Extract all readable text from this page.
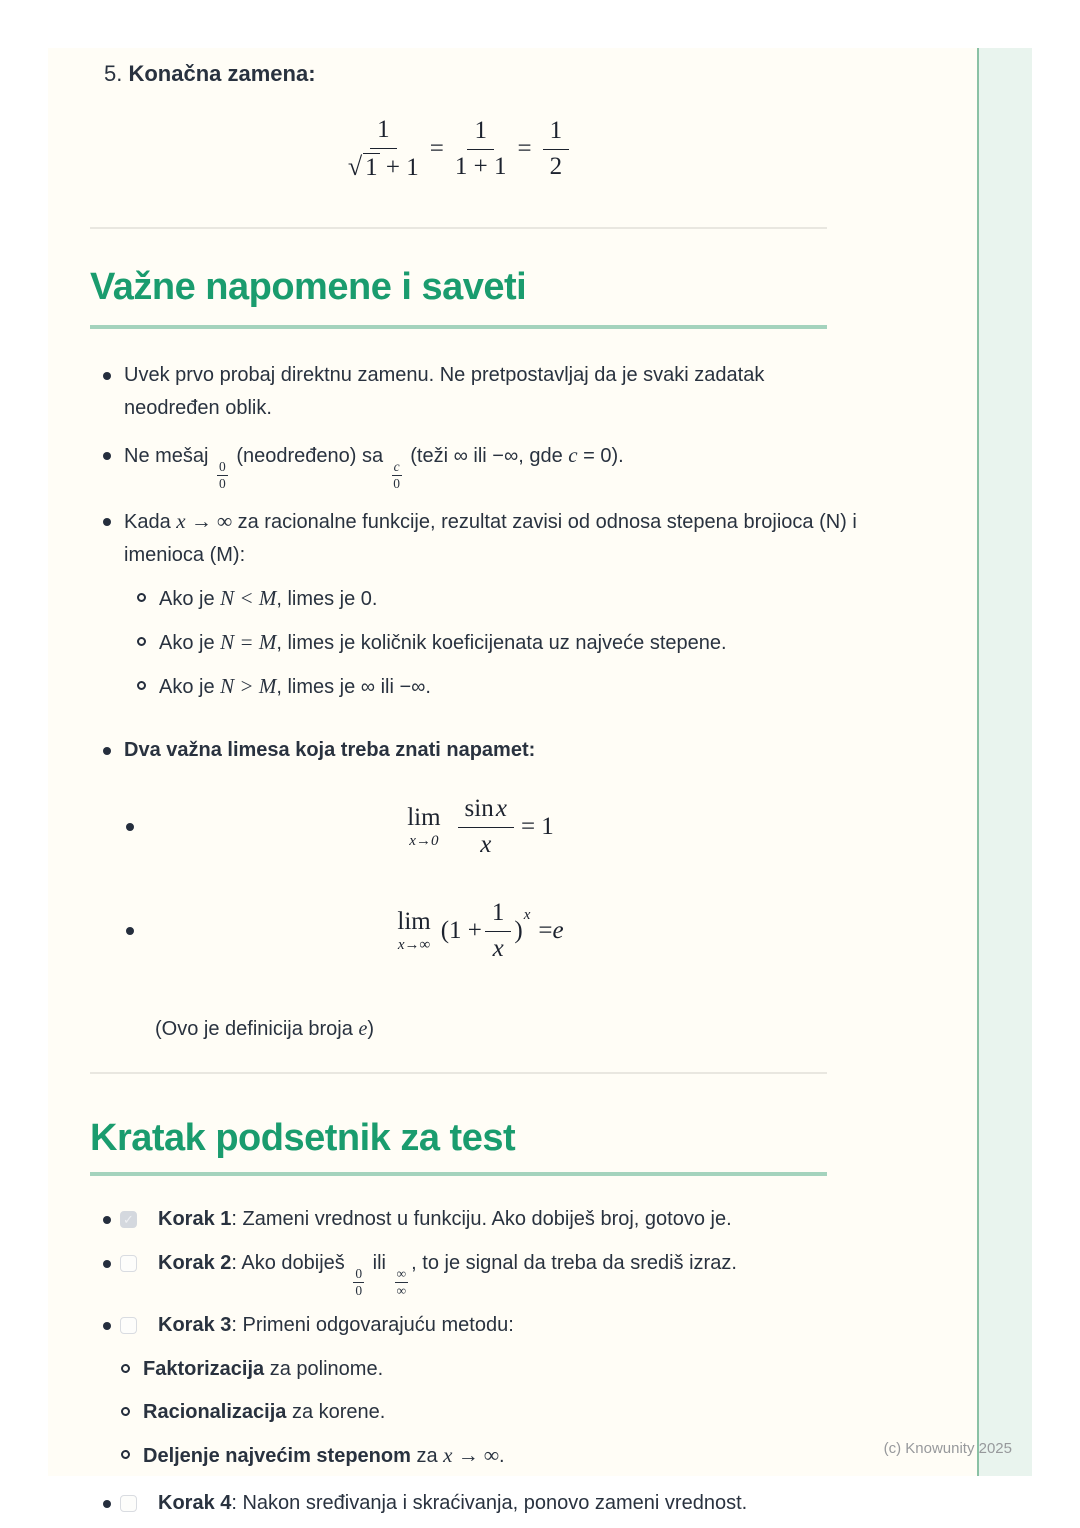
5. Konačna zamena:
$\frac{1}{√ 1 + 1} = \frac{1}{1 + 1} = \frac{1}{2}$
Važne napomene i saveti
Uvek prvo probaj direktnu zamenu. Ne pretpostavljaj da je svaki zadatak neodređen oblik.
Ne mešaj
$\frac{0}{0}$
(neodređeno) sa
$\frac{c}{0}$
(teži ∞ ili −∞, gde c = 0).
Kada x → ∞ za racionalne funkcije, rezultat zavisi od odnosa stepena brojioca (N) i imenioca (M):
Ako je N < M, limes je 0.
Ako je N = M, limes je količnik koeficijenata uz najveće stepene.
Ako je N > M, limes je ∞ ili −∞.
Dva važna limesa koja treba znati napamet:
lim
$x\to 0 \frac{\text{sin x}}{x} = 1$
lim
x→∞
($1 + \frac{1}{x}$ )
x
= e
(Ovo je definicija broja e)
Kratak podsetnik za test
✓ Korak 1: Zameni vrednost u funkciju. Ako dobiješ broj, gotovo je.
Korak 2: Ako dobiješ
$\frac{0}{0}$
ili ∞
∞
, to je signal da treba da središ izraz.
Korak 3: Primeni odgovarajuću metodu:
Faktorizacija za polinome.
Racionalizacija za korene.
Deljenje najvećim stepenom za x → ∞.
Korak 4: Nakon sređivanja i skraćivanja, ponovo zameni vrednost.
(c) Knowunity 2025
